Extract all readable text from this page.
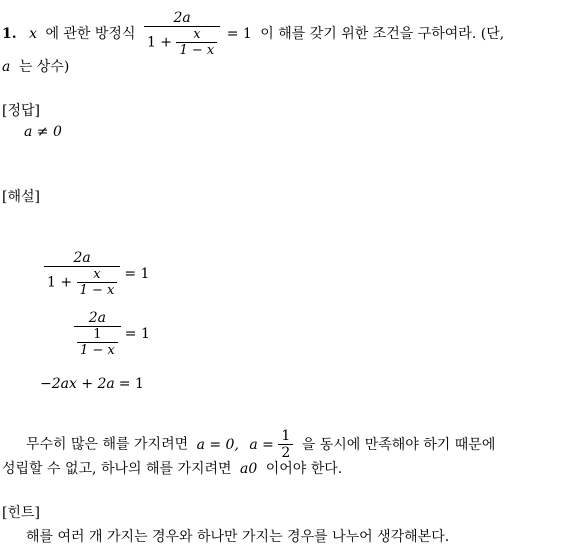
1. x 에 관한 방정식 $\frac{2a}{1 + \frac{x}{1 - x}} = 1$ 이 해를 갖기 위한 조건을 구하여라. (단,
a 는 상수)
[정답]
a ≠ 0
[해설]
$\frac{2a}{1 + \frac{x}{1 - x}} = 1$
$\frac{2a}{\frac{1}{1 - x}} = 1$
−2ax + 2a = 1
무수히 많은 해를 가지려면 a = 0, $a = \frac{1}{2}$ 을 동시에 만족해야 하기 때문에
성립할 수 없고, 하나의 해를 가지려면 a0 이어야 한다.
[힌트]
해를 여러 개 가지는 경우와 하나만 가지는 경우를 나누어 생각해본다.
